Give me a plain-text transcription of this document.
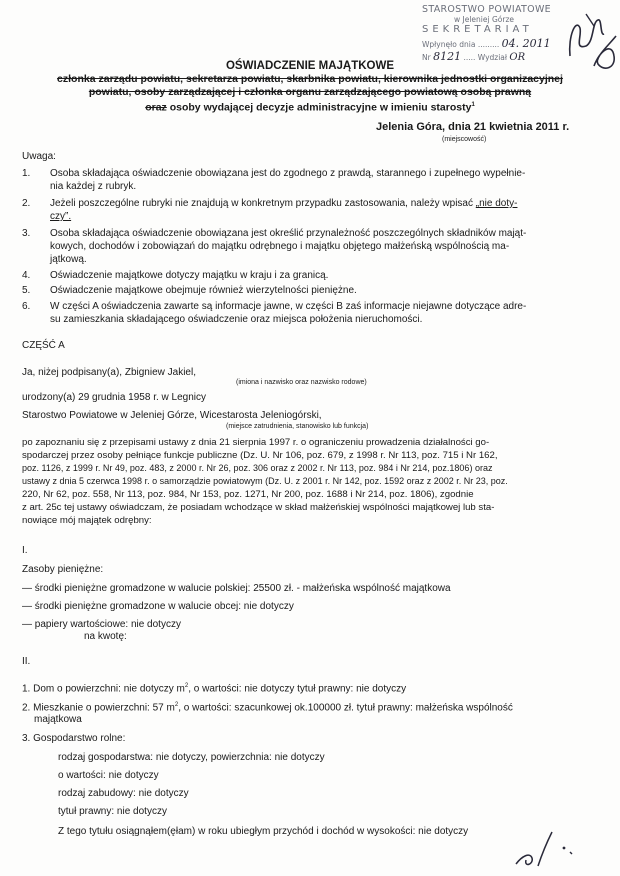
STAROSTWO POWIATOWE
w Jeleniej Górze
SEKRETARIAT
Wpłynęło dnia ......... 04. 2011
Nr 8121 ..... Wydział OR
OŚWIADCZENIE MAJĄTKOWE
członka zarządu powiatu, sekretarza powiatu, skarbnika powiatu, kierownika jednostki organizacyjnej
powiatu, osoby zarządzającej i członka organu zarządzającego powiatową osobą prawną
oraz osoby wydającej decyzje administracyjne w imieniu starosty$^1$
Jelenia Góra, dnia 21 kwietnia 2011 r.
(miejscowość)
Uwaga:
1. Osoba składająca oświadczenie obowiązana jest do zgodnego z prawdą, starannego i zupełnego wypełnie-
nia każdej z rubryk.
2. Jeżeli poszczególne rubryki nie znajdują w konkretnym przypadku zastosowania, należy wpisać „nie doty-
czy”.
3. Osoba składająca oświadczenie obowiązana jest określić przynależność poszczególnych składników mająt-
kowych, dochodów i zobowiązań do majątku odrębnego i majątku objętego małżeńską wspólnością ma-
jątkową.
4. Oświadczenie majątkowe dotyczy majątku w kraju i za granicą.
5. Oświadczenie majątkowe obejmuje również wierzytelności pieniężne.
6. W części A oświadczenia zawarte są informacje jawne, w części B zaś informacje niejawne dotyczące adre-
su zamieszkania składającego oświadczenie oraz miejsca położenia nieruchomości.
CZĘŚĆ A
Ja, niżej podpisany(a), Zbigniew Jakiel,
(imiona i nazwisko oraz nazwisko rodowe)
urodzony(a) 29 grudnia 1958 r. w Legnicy
Starostwo Powiatowe w Jeleniej Górze, Wicestarosta Jeleniogórski,
(miejsce zatrudnienia, stanowisko lub funkcja)
po zapoznaniu się z przepisami ustawy z dnia 21 sierpnia 1997 r. o ograniczeniu prowadzenia działalności go-
spodarczej przez osoby pełniące funkcje publiczne (Dz. U. Nr 106, poz. 679, z 1998 r. Nr 113, poz. 715 i Nr 162,
poz. 1126, z 1999 r. Nr 49, poz. 483, z 2000 r. Nr 26, poz. 306 oraz z 2002 r. Nr 113, poz. 984 i Nr 214, poz.1806) oraz
ustawy z dnia 5 czerwca 1998 r. o samorządzie powiatowym (Dz. U. z 2001 r. Nr 142, poz. 1592 oraz z 2002 r. Nr 23, poz.
220, Nr 62, poz. 558, Nr 113, poz. 984, Nr 153, poz. 1271, Nr 200, poz. 1688 i Nr 214, poz. 1806), zgodnie
z art. 25c tej ustawy oświadczam, że posiadam wchodzące w skład małżeńskiej wspólności majątkowej lub sta-
nowiące mój majątek odrębny:
I.
Zasoby pieniężne:
— środki pieniężne gromadzone w walucie polskiej: 25500 zł. - małżeńska wspólność majątkowa
— środki pieniężne gromadzone w walucie obcej: nie dotyczy
— papiery wartościowe: nie dotyczy
na kwotę:
II.
1. Dom o powierzchni: nie dotyczy $m^2$, o wartości: nie dotyczy tytuł prawny: nie dotyczy
2. Mieszkanie o powierzchni: 57 $m^2$, o wartości: szacunkowej ok.100000 zł. tytuł prawny: małżeńska wspólność
majątkowa
3. Gospodarstwo rolne:
rodzaj gospodarstwa: nie dotyczy, powierzchnia: nie dotyczy
o wartości: nie dotyczy
rodzaj zabudowy: nie dotyczy
tytuł prawny: nie dotyczy
Z tego tytułu osiągnąłem(ęłam) w roku ubiegłym przychód i dochód w wysokości: nie dotyczy
